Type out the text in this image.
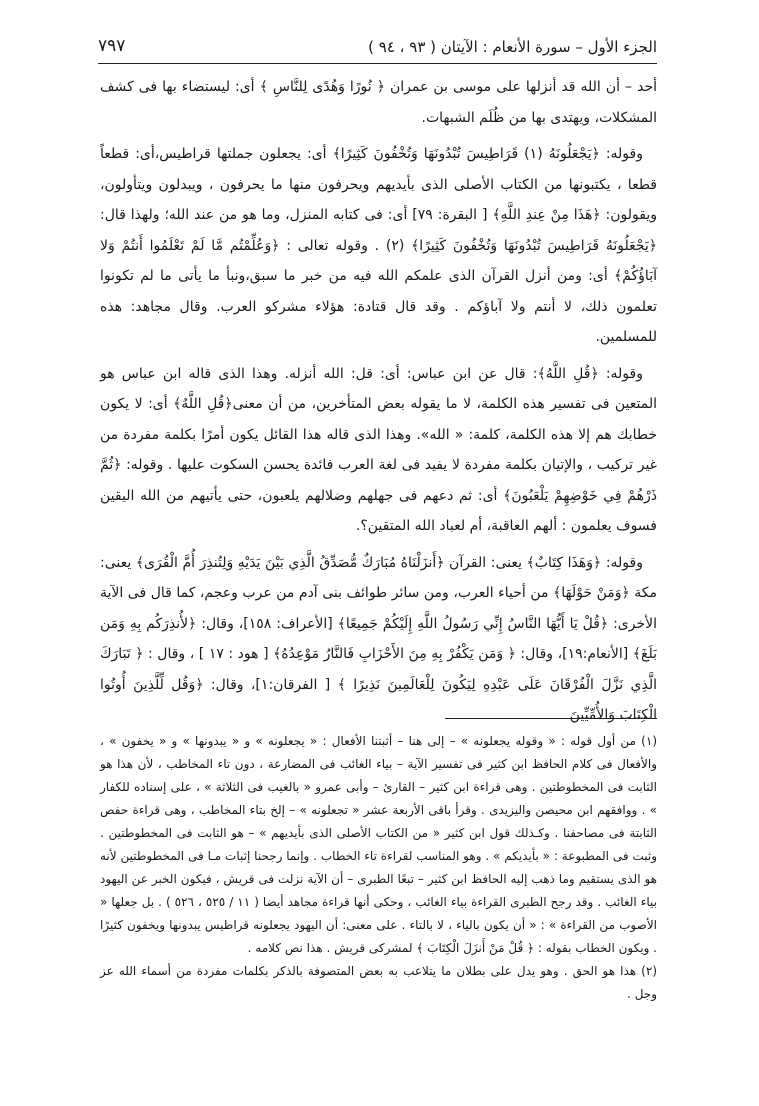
الجزء الأول – سورة الأنعام : الآيتان ( ٩٣ ، ٩٤ )
٧٩٧

أحد – أن الله قد أنزلها على موسى بن عمران ﴿ نُورًا وَهُدًى لِلنَّاسِ ﴾ أى: ليستضاء بها فى كشف المشكلات، ويهتدى بها من ظُلَم الشبهات.

وقوله: ﴿يَجْعَلُونَهُ (١) قَرَاطِيسَ تُبْدُونَهَا وَتُخْفُونَ كَثِيرًا﴾ أى: يجعلون جملتها قراطيس،أى: قطعاً قطعا ، يكتبونها من الكتاب الأصلى الذى بأيديهم ويحرفون منها ما يحرفون ، ويبدلون ويتأولون، ويقولون: ﴿هَذَا مِنْ عِندِ اللَّهِ﴾ [ البقرة: ٧٩] أى: فى كتابه المنزل، وما هو من عند الله؛ ولهذا قال: ﴿يَجْعَلُونَهُ قَرَاطِيسَ تُبْدُونَهَا وَتُخْفُونَ كَثِيرًا﴾ (٢) . وقوله تعالى : ﴿وَعُلِّمْتُم مَّا لَمْ تَعْلَمُوا أَنتُمْ وَلا آبَاؤُكُمْ﴾ أى: ومن أنزل القرآن الذى علمكم الله فيه من خبر ما سبق،ونبأ ما يأتى ما لم تكونوا تعلمون ذلك، لا أنتم ولا آباؤكم . وقد قال قتادة: هؤلاء مشركو العرب. وقال مجاهد: هذه للمسلمين.

وقوله: ﴿قُلِ اللَّهُ﴾: قال عن ابن عباس: أى: قل: الله أنزله. وهذا الذى قاله ابن عباس هو المتعين فى تفسير هذه الكلمة، لا ما يقوله بعض المتأخرين، من أن معنى﴿قُلِ اللَّهُ﴾ أى: لا يكون خطابك هم إلا هذه الكلمة، كلمة: « الله». وهذا الذى قاله هذا القائل يكون أمرًا بكلمة مفردة من غير تركيب ، والإتيان بكلمة مفردة لا يفيد فى لغة العرب فائدة يحسن السكوت عليها . وقوله: ﴿ثُمَّ ذَرْهُمْ فِي خَوْضِهِمْ يَلْعَبُونَ﴾ أى: ثم دعهم فى جهلهم وضلالهم يلعبون، حتى يأتيهم من الله اليقين فسوف يعلمون : ألهم العاقبة، أم لعباد الله المتقين؟.

وقوله: ﴿وَهَذَا كِتَابٌ﴾ يعنى: القرآن ﴿أَنزَلْنَاهُ مُبَارَكٌ مُّصَدِّقُ الَّذِي بَيْنَ يَدَيْهِ وَلِتُنذِرَ أُمَّ الْقُرَى﴾ يعنى: مكة ﴿وَمَنْ حَوْلَهَا﴾ من أحياء العرب، ومن سائر طوائف بنى آدم من عرب وعجم، كما قال فى الآية الأخرى: ﴿قُلْ يَا أَيُّهَا النَّاسُ إِنِّي رَسُولُ اللَّهِ إِلَيْكُمْ جَمِيعًا﴾ [الأعراف: ١٥٨]، وقال: ﴿لأُنذِرَكُم بِهِ وَمَن بَلَغَ﴾ [الأنعام:١٩]، وقال: ﴿ وَمَن يَكْفُرْ بِهِ مِنَ الأَحْزَابِ فَالنَّارُ مَوْعِدُهُ﴾ [ هود : ١٧ ] ، وقال : ﴿ تَبَارَكَ الَّذِي نَزَّلَ الْفُرْقَانَ عَلَى عَبْدِهِ لِيَكُونَ لِلْعَالَمِينَ نَذِيرًا ﴾ [ الفرقان:١]، وقال: ﴿وَقُل لِّلَّذِينَ أُوتُوا الْكِتَابَ وَالأُمِّيِّينَ

(١) من أول قوله : « وقوله يجعلونه » – إلى هنا – أثبتنا الأفعال : « يجعلونه » و « يبدونها » و « يخفون » ، والأفعال فى كلام الحافظ ابن كثير فى تفسير الآية – بياء الغائب فى المضارعة ، دون تاء المخاطب ، لأن هذا هو الثابت فى المخطوطتين . وهى قراءة ابن كثير – القارئ – وأبى عمرو « بالغيب فى الثلاثة » ، على إسناده للكفار » . ووافقهم ابن محيصن واليزيدى . وقرأ باقى الأربعة عشر « تجعلونه » – إلخ بتاء المخاطب ، وهى قراءة حفص الثابتة فى مصاحفنا . وكـذلك قول ابن كثير « من الكتاب الأصلى الذى بأيديهم » – هو الثابت فى المخطوطتين . وثبت فى المطبوعة : « بأيديكم » . وهو المناسب لقراءة تاء الخطاب . وإنما رجحنا إثبات مـا فى المخطوطتين لأنه هو الذى يستقيم وما ذهب إليه الحافظ ابن كثير – تبعًا الطبرى – أن الآية نزلت فى قريش ، فيكون الخبر عن اليهود بياء الغائب . وقد رجح الطبرى القراءة بياء الغائب ، وحكى أنها قراءة مجاهد أيضا ( ١١ / ٥٢٥ ، ٥٢٦ ) . بل جعلها « الأصوب من القراءة » : « أن يكون بالياء ، لا بالتاء . على معنى: أن اليهود يجعلونه قراطيس يبدونها ويخفون كثيرًا . ويكون الخطاب بقوله : ﴿ قُلْ مَنْ أَنزَلَ الْكِتَابَ ﴾ لمشركى قريش . هذا نص كلامه .

(٢) هذا هو الحق . وهو يدل على بطلان ما يتلاعب به بعض المتصوفة بالذكر بكلمات مفردة من أسماء الله عز وجل .
